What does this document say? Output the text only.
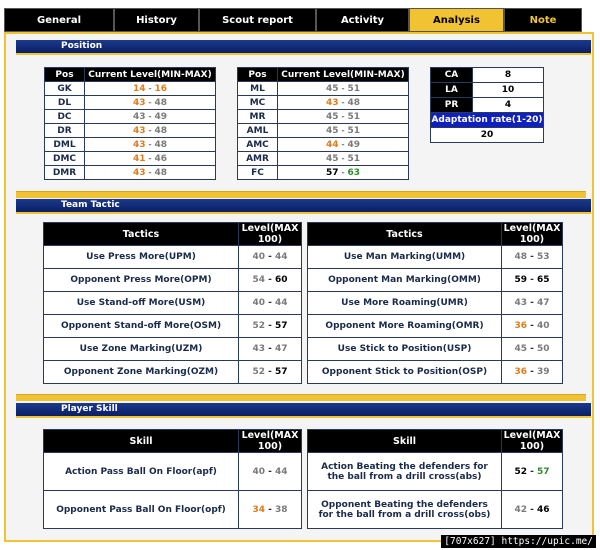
General	History	Scout report	Activity	Analysis	Note
Position
Pos	Current Level(MIN-MAX)
GK	14 - 16
DL	43 - 48
DC	43 - 49
DR	43 - 48
DML	43 - 48
DMC	41 - 46
DMR	43 - 48
Pos	Current Level(MIN-MAX)
ML	45 - 51
MC	43 - 48
MR	45 - 51
AML	45 - 51
AMC	44 - 49
AMR	45 - 51
FC	57 - 63
CA	8
LA	10
PR	4
Adaptation rate(1-20)	
20	
Team Tactic
Tactics	Level(MAX 100)
Use Press More(UPM)	40 - 44
Opponent Press More(OPM)	54 - 60
Use Stand-off More(USM)	40 - 44
Opponent Stand-off More(OSM)	52 - 57
Use Zone Marking(UZM)	43 - 47
Opponent Zone Marking(OZM)	52 - 57
Tactics	Level(MAX 100)
Use Man Marking(UMM)	48 - 53
Opponent Man Marking(OMM)	59 - 65
Use More Roaming(UMR)	43 - 47
Opponent More Roaming(OMR)	36 - 40
Use Stick to Position(USP)	45 - 50
Opponent Stick to Position(OSP)	36 - 39
Player Skill
Skill	Level(MAX 100)
Action Pass Ball On Floor(apf)	40 - 44
Opponent Pass Ball On Floor(opf)	34 - 38
Skill	Level(MAX 100)
Action Beating the defenders for the ball from a drill cross(abs)	52 - 57
Opponent Beating the defenders for the ball from a drill cross(obs)	42 - 46
[707x627] https://upic.me/
